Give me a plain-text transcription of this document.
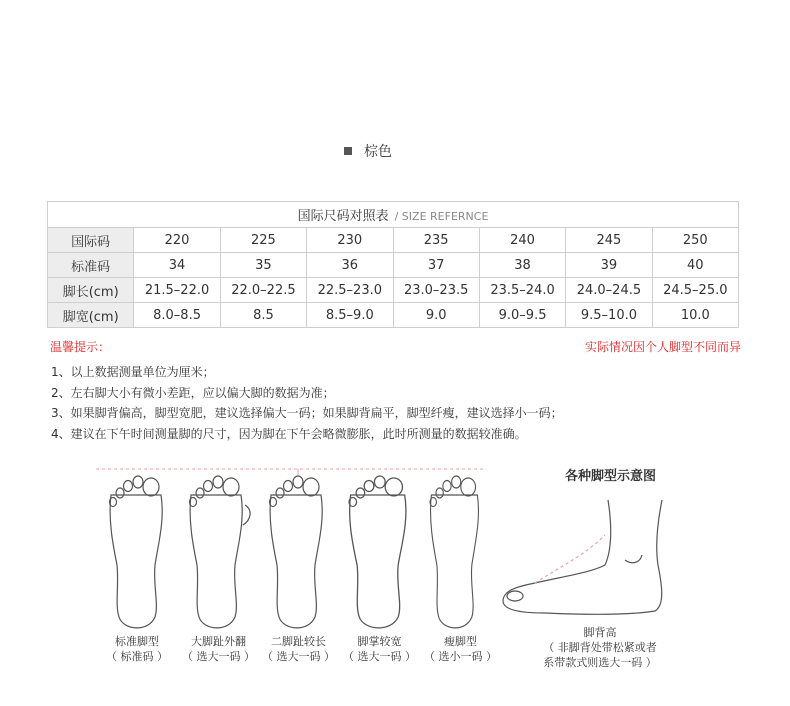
棕色
国际尺码对照表 / SIZE REFERNCE							
国际码	220	225	230	235	240	245	250
标准码	34	35	36	37	38	39	40
脚长(cm)	21.5–22.0	22.0–22.5	22.5–23.0	23.0–23.5	23.5–24.0	24.0–24.5	24.5–25.0
脚宽(cm)	8.0–8.5	8.5	8.5–9.0	9.0	9.0–9.5	9.5–10.0	10.0
温馨提示：	实际情况因个人脚型不同而异
1、以上数据测量单位为厘米；
2、左右脚大小有微小差距，应以偏大脚的数据为准；
3、如果脚背偏高，脚型宽肥，建议选择偏大一码；如果脚背扁平，脚型纤瘦，建议选择小一码；
4、建议在下午时间测量脚的尺寸，因为脚在下午会略微膨胀，此时所测量的数据较准确。
各种脚型示意图
标准脚型
（ 标准码 ）
大脚趾外翻
（ 选大一码 ）
二脚趾较长
（ 选大一码 ）
脚掌较宽
（ 选大一码 ）
瘦脚型
（ 选小一码 ）
脚背高
（ 非脚背处带松紧或者
系带款式则选大一码 ）
